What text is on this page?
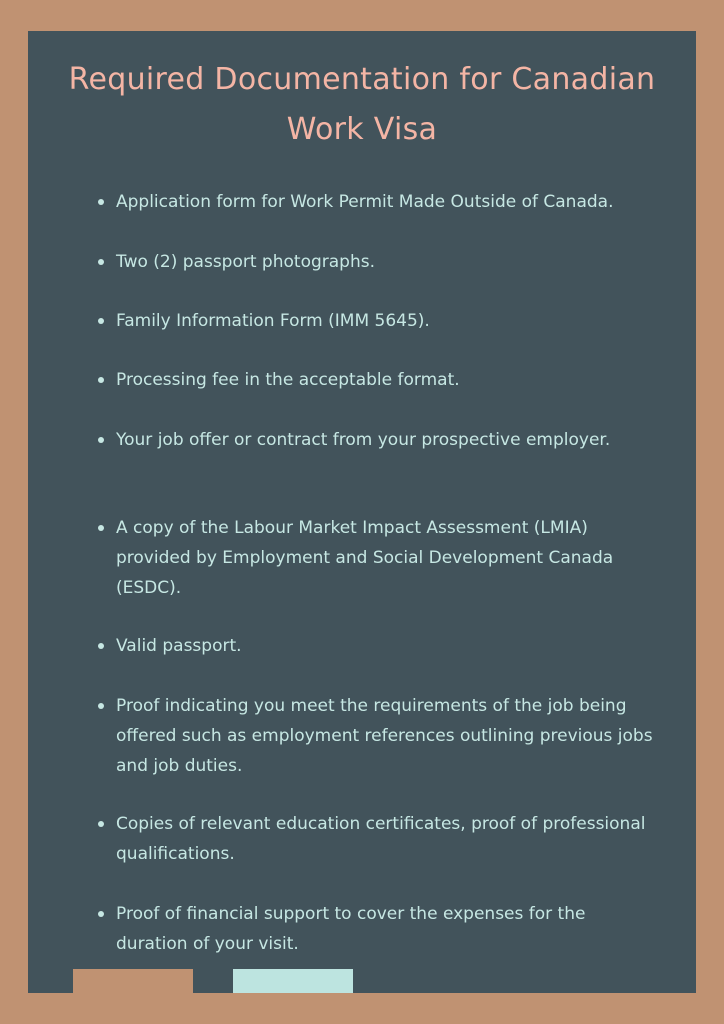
Required Documentation for Canadian Work Visa
Application form for Work Permit Made Outside of Canada.
Two (2) passport photographs.
Family Information Form (IMM 5645).
Processing fee in the acceptable format.
Your job offer or contract from your prospective employer.
A copy of the Labour Market Impact Assessment (LMIA) provided by Employment and Social Development Canada (ESDC).
Valid passport.
Proof indicating you meet the requirements of the job being offered such as employment references outlining previous jobs and job duties.
Copies of relevant education certificates, proof of professional qualifications.
Proof of financial support to cover the expenses for the duration of your visit.
